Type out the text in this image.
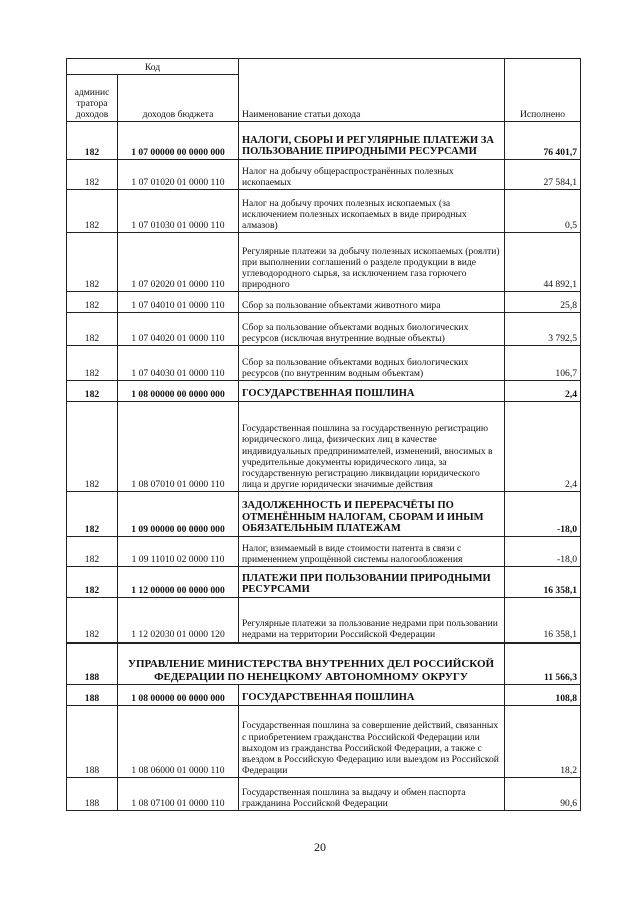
Код		Наименование статьи дохода	Исполнено
админис тратора доходов	доходов бюджета		
182	1 07 00000 00 0000 000	НАЛОГИ, СБОРЫ И РЕГУЛЯРНЫЕ ПЛАТЕЖИ ЗА ПОЛЬЗОВАНИЕ ПРИРОДНЫМИ РЕСУРСАМИ	76 401,7
182	1 07 01020 01 0000 110	Налог на добычу общераспространённых полезных ископаемых	27 584,1
182	1 07 01030 01 0000 110	Налог на добычу прочих полезных ископаемых (за исключением полезных ископаемых в виде природных алмазов)	0,5
182	1 07 02020 01 0000 110	Регулярные платежи за добычу полезных ископаемых (роялти) при выполнении соглашений о разделе продукции в виде углеводородного сырья, за исключением газа горючего природного	44 892,1
182	1 07 04010 01 0000 110	Сбор за пользование объектами животного мира	25,8
182	1 07 04020 01 0000 110	Сбор за пользование объектами водных биологических ресурсов (исключая внутренние водные объекты)	3 792,5
182	1 07 04030 01 0000 110	Сбор за пользование объектами водных биологических ресурсов (по внутренним водным объектам)	106,7
182	1 08 00000 00 0000 000	ГОСУДАРСТВЕННАЯ ПОШЛИНА	2,4
182	1 08 07010 01 0000 110	Государственная пошлина за государственную регистрацию юридического лица, физических лиц в качестве индивидуальных предпринимателей, изменений, вносимых в учредительные документы юридического лица, за государственную регистрацию ликвидации юридического лица и другие юридически значимые действия	2,4
182	1 09 00000 00 0000 000	ЗАДОЛЖЕННОСТЬ И ПЕРЕРАСЧЁТЫ ПО ОТМЕНЁННЫМ НАЛОГАМ, СБОРАМ И ИНЫМ ОБЯЗАТЕЛЬНЫМ ПЛАТЕЖАМ	-18,0
182	1 09 11010 02 0000 110	Налог, взимаемый в виде стоимости патента в связи с применением упрощённой системы налогообложения	-18,0
182	1 12 00000 00 0000 000	ПЛАТЕЖИ ПРИ ПОЛЬЗОВАНИИ ПРИРОДНЫМИ РЕСУРСАМИ	16 358,1
182	1 12 02030 01 0000 120	Регулярные платежи за пользование недрами при пользовании недрами на территории Российской Федерации	16 358,1
188	УПРАВЛЕНИЕ МИНИСТЕРСТВА ВНУТРЕННИХ ДЕЛ РОССИЙСКОЙ ФЕДЕРАЦИИ ПО НЕНЕЦКОМУ АВТОНОМНОМУ ОКРУГУ		11 566,3
188	1 08 00000 00 0000 000	ГОСУДАРСТВЕННАЯ ПОШЛИНА	108,8
188	1 08 06000 01 0000 110	Государственная пошлина за совершение действий, связанных с приобретением гражданства Российской Федерации или выходом из гражданства Российской Федерации, а также с въездом в Российскую Федерацию или выездом из Российской Федерации	18,2
188	1 08 07100 01 0000 110	Государственная пошлина за выдачу и обмен паспорта гражданина Российской Федерации	90,6
20
